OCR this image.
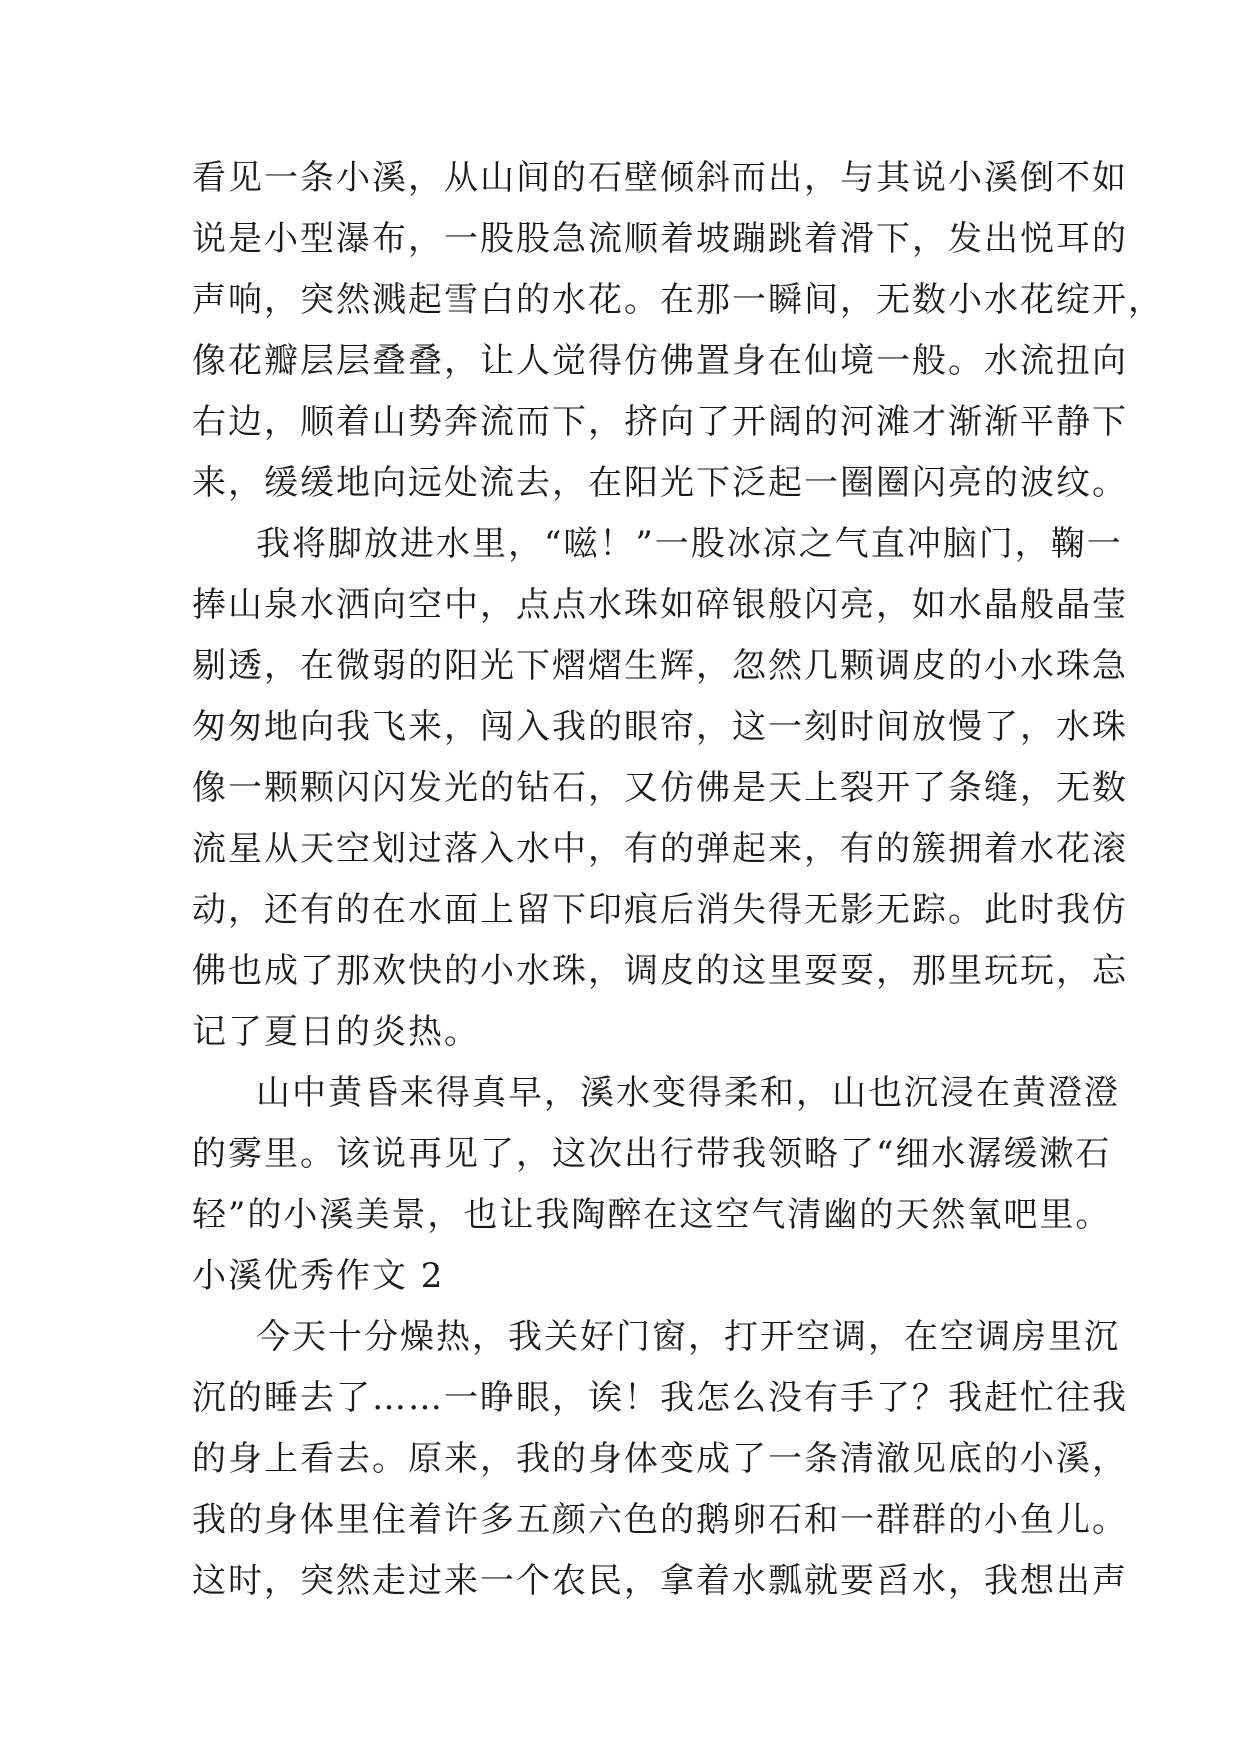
看见一条小溪，从山间的石壁倾斜而出，与其说小溪倒不如
说是小型瀑布，一股股急流顺着坡蹦跳着滑下，发出悦耳的
声响，突然溅起雪白的水花。在那一瞬间，无数小水花绽开，
像花瓣层层叠叠，让人觉得仿佛置身在仙境一般。水流扭向
右边，顺着山势奔流而下，挤向了开阔的河滩才渐渐平静下
来，缓缓地向远处流去，在阳光下泛起一圈圈闪亮的波纹。
我将脚放进水里，“嗞！”一股冰凉之气直冲脑门，鞠一
捧山泉水洒向空中，点点水珠如碎银般闪亮，如水晶般晶莹
剔透，在微弱的阳光下熠熠生辉，忽然几颗调皮的小水珠急
匆匆地向我飞来，闯入我的眼帘，这一刻时间放慢了，水珠
像一颗颗闪闪发光的钻石，又仿佛是天上裂开了条缝，无数
流星从天空划过落入水中，有的弹起来，有的簇拥着水花滚
动，还有的在水面上留下印痕后消失得无影无踪。此时我仿
佛也成了那欢快的小水珠，调皮的这里耍耍，那里玩玩，忘
记了夏日的炎热。
山中黄昏来得真早，溪水变得柔和，山也沉浸在黄澄澄
的雾里。该说再见了，这次出行带我领略了“细水潺缓漱石
轻”的小溪美景，也让我陶醉在这空气清幽的天然氧吧里。
小溪优秀作文 2
今天十分燥热，我关好门窗，打开空调，在空调房里沉
沉的睡去了……一睁眼，诶！我怎么没有手了？我赶忙往我
的身上看去。原来，我的身体变成了一条清澈见底的小溪，
我的身体里住着许多五颜六色的鹅卵石和一群群的小鱼儿。
这时，突然走过来一个农民，拿着水瓢就要舀水，我想出声
